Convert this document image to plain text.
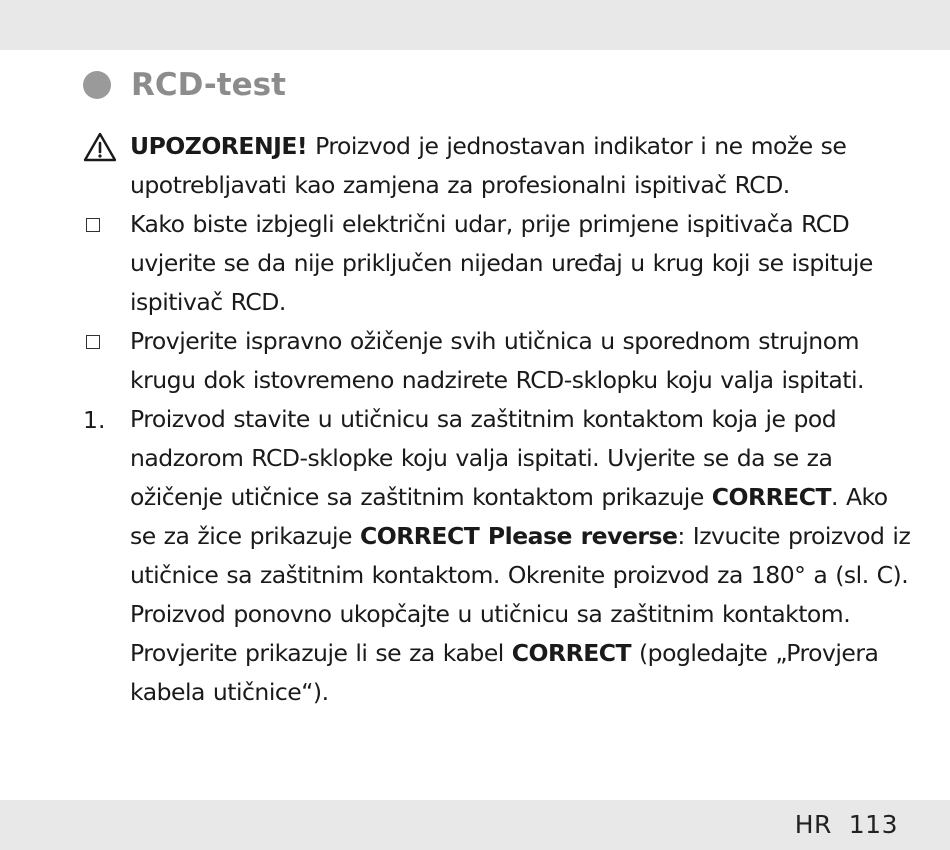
RCD-test
UPOZORENJE! Proizvod je jednostavan indikator i ne može se upotrebljavati kao zamjena za profesionalni ispitivač RCD.
Kako biste izbjegli električni udar, prije primjene ispitivača RCD uvjerite se da nije priključen nijedan uređaj u krug koji se ispituje ispitivač RCD.
Provjerite ispravno ožičenje svih utičnica u sporednom strujnom krugu dok istovremeno nadzirete RCD-sklopku koju valja ispitati.
1. Proizvod stavite u utičnicu sa zaštitnim kontaktom koja je pod nadzorom RCD-sklopke koju valja ispitati. Uvjerite se da se za ožičenje utičnice sa zaštitnim kontaktom prikazuje CORRECT. Ako se za žice prikazuje CORRECT Please reverse: Izvucite proizvod iz utičnice sa zaštitnim kontaktom. Okrenite proizvod za 180° a (sl. C).
Proizvod ponovno ukopčajte u utičnicu sa zaštitnim kontaktom. Provjerite prikazuje li se za kabel CORRECT (pogledajte „Provjera kabela utičnice“).
HR 113
